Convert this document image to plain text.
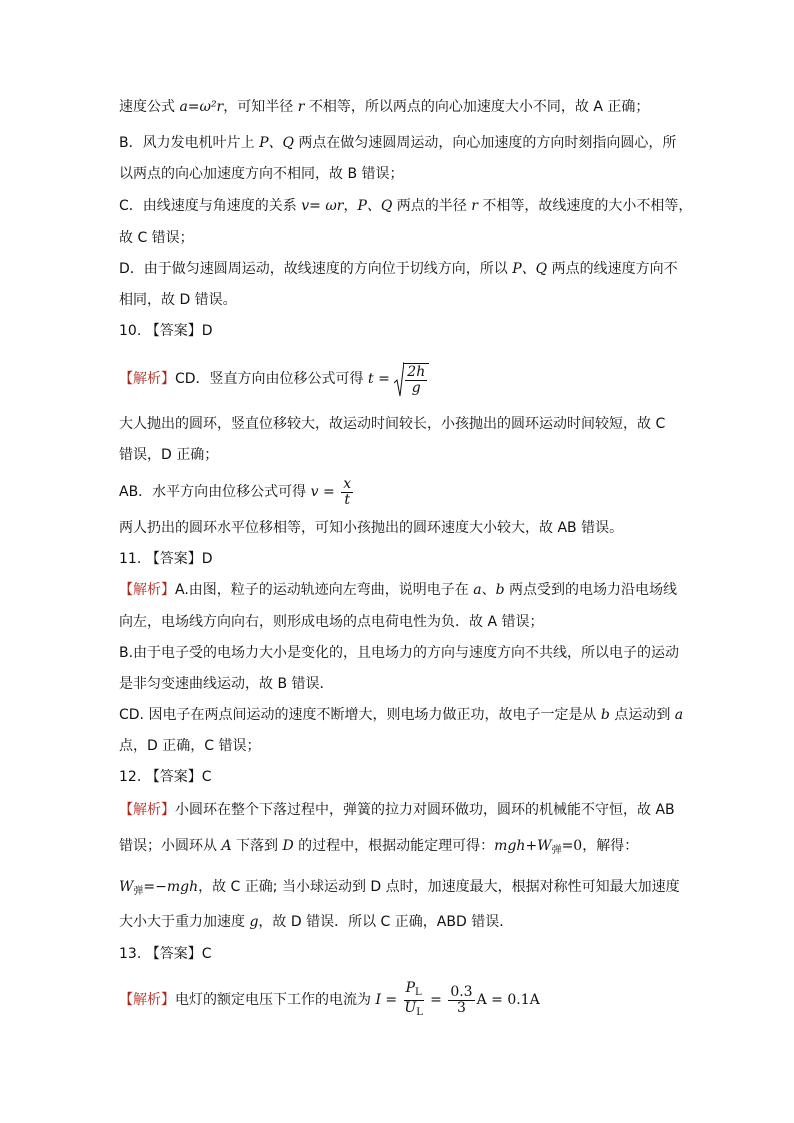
速度公式 a=ω²r，可知半径 r 不相等，所以两点的向心加速度大小不同，故 A 正确；
B．风力发电机叶片上 P、Q 两点在做匀速圆周运动，向心加速度的方向时刻指向圆心，所
以两点的向心加速度方向不相同，故 B 错误；
C．由线速度与角速度的关系 v= ωr，P、Q 两点的半径 r 不相等，故线速度的大小不相等，
故 C 错误；
D．由于做匀速圆周运动，故线速度的方向位于切线方向，所以 P、Q 两点的线速度方向不
相同，故 D 错误。
10. 【答案】D
【解析】CD．竖直方向由位移公式可得 $t = \frac{2h}{g}$
大人抛出的圆环，竖直位移较大，故运动时间较长，小孩抛出的圆环运动时间较短，故 C
错误，D 正确；
AB．水平方向由位移公式可得 $v = \frac{x}{t}$
两人扔出的圆环水平位移相等，可知小孩抛出的圆环速度大小较大，故 AB 错误。
11. 【答案】D
【解析】A.由图，粒子的运动轨迹向左弯曲，说明电子在 a、b 两点受到的电场力沿电场线
向左，电场线方向向右，则形成电场的点电荷电性为负．故 A 错误；
B.由于电子受的电场力大小是变化的，且电场力的方向与速度方向不共线，所以电子的运动
是非匀变速曲线运动，故 B 错误．
CD. 因电子在两点间运动的速度不断增大，则电场力做正功，故电子一定是从 b 点运动到 a
点，D 正确，C 错误；
12. 【答案】C
【解析】小圆环在整个下落过程中，弹簧的拉力对圆环做功，圆环的机械能不守恒，故 AB
错误；小圆环从 A 下落到 D 的过程中，根据动能定理可得：$mgh+W_弹=0$，解得：
$W_弹=-mgh$，故 C 正确; 当小球运动到 D 点时，加速度最大，根据对称性可知最大加速度
大小大于重力加速度 g，故 D 错误．所以 C 正确，ABD 错误．
13. 【答案】C
【解析】电灯的额定电压下工作的电流为 $I = \frac{P_L}{U_L} = \frac{0.3}{3}$ A = 0.1A
